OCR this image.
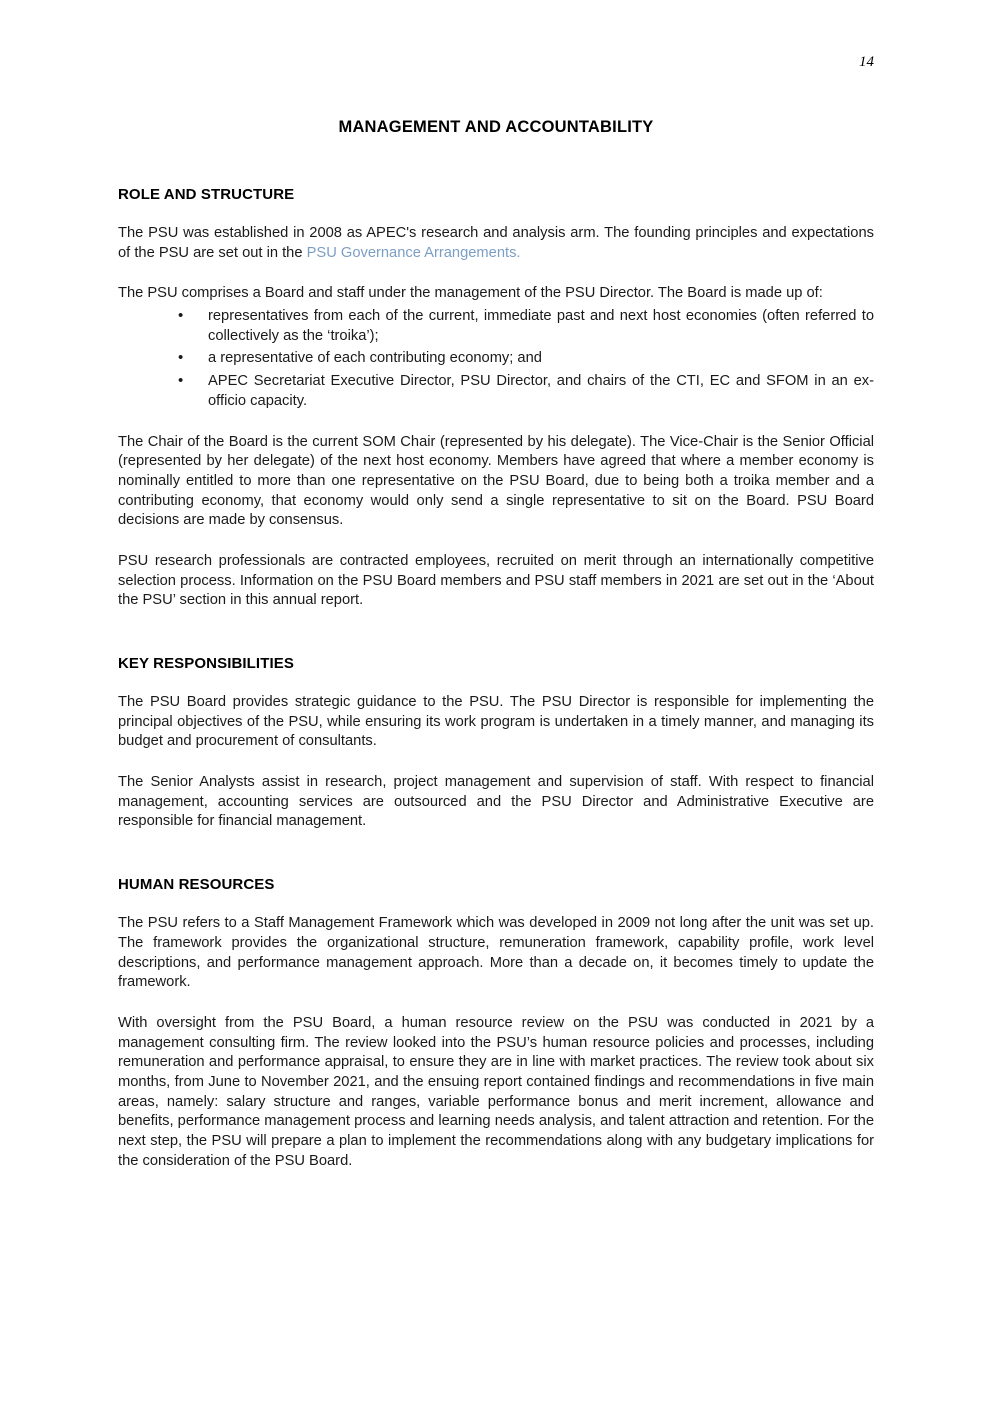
14
MANAGEMENT AND ACCOUNTABILITY
ROLE AND STRUCTURE

The PSU was established in 2008 as APEC's research and analysis arm. The founding principles and expectations of the PSU are set out in the PSU Governance Arrangements.

The PSU comprises a Board and staff under the management of the PSU Director. The Board is made up of:

• representatives from each of the current, immediate past and next host economies (often referred to collectively as the ‘troika’);
• a representative of each contributing economy; and
• APEC Secretariat Executive Director, PSU Director, and chairs of the CTI, EC and SFOM in an ex-officio capacity.

The Chair of the Board is the current SOM Chair (represented by his delegate). The Vice-Chair is the Senior Official (represented by her delegate) of the next host economy. Members have agreed that where a member economy is nominally entitled to more than one representative on the PSU Board, due to being both a troika member and a contributing economy, that economy would only send a single representative to sit on the Board. PSU Board decisions are made by consensus.

PSU research professionals are contracted employees, recruited on merit through an internationally competitive selection process. Information on the PSU Board members and PSU staff members in 2021 are set out in the ‘About the PSU’ section in this annual report.

KEY RESPONSIBILITIES

The PSU Board provides strategic guidance to the PSU. The PSU Director is responsible for implementing the principal objectives of the PSU, while ensuring its work program is undertaken in a timely manner, and managing its budget and procurement of consultants.

The Senior Analysts assist in research, project management and supervision of staff. With respect to financial management, accounting services are outsourced and the PSU Director and Administrative Executive are responsible for financial management.

HUMAN RESOURCES

The PSU refers to a Staff Management Framework which was developed in 2009 not long after the unit was set up. The framework provides the organizational structure, remuneration framework, capability profile, work level descriptions, and performance management approach. More than a decade on, it becomes timely to update the framework.

With oversight from the PSU Board, a human resource review on the PSU was conducted in 2021 by a management consulting firm. The review looked into the PSU’s human resource policies and processes, including remuneration and performance appraisal, to ensure they are in line with market practices. The review took about six months, from June to November 2021, and the ensuing report contained findings and recommendations in five main areas, namely: salary structure and ranges, variable performance bonus and merit increment, allowance and benefits, performance management process and learning needs analysis, and talent attraction and retention. For the next step, the PSU will prepare a plan to implement the recommendations along with any budgetary implications for the consideration of the PSU Board.
